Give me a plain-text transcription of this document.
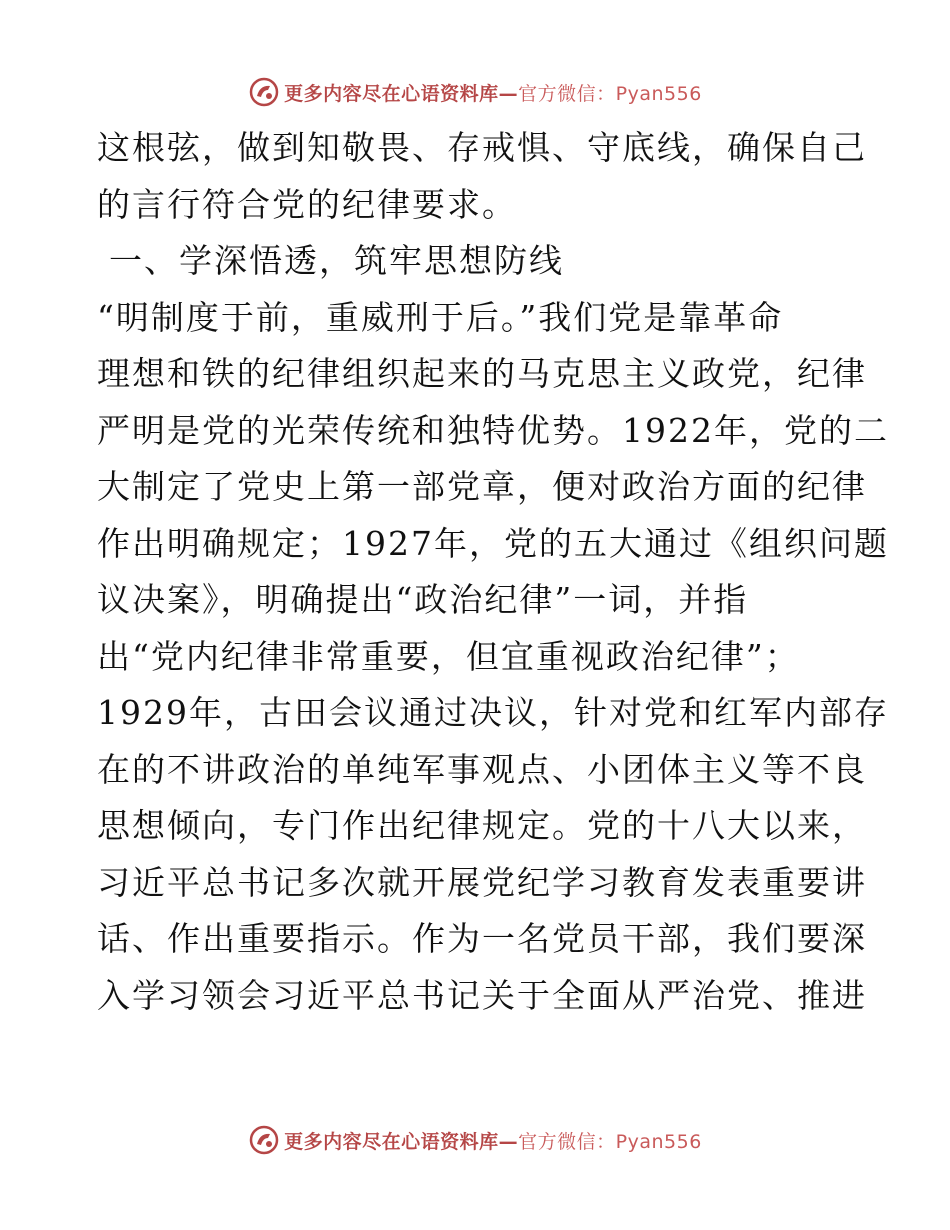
更多内容尽在心语资料库— 官方微信：Pyan556
这根弦，做到知敬畏、存戒惧、守底线，确保自己
的言行符合党的纪律要求。
一、学深悟透，筑牢思想防线
“明制度于前，重威刑于后。”我们党是靠革命
理想和铁的纪律组织起来的马克思主义政党，纪律
严明是党的光荣传统和独特优势。1922年，党的二
大制定了党史上第一部党章，便对政治方面的纪律
作出明确规定；1927年，党的五大通过《组织问题
议决案》，明确提出“政治纪律”一词，并指
出“党内纪律非常重要，但宜重视政治纪律”；
1929年，古田会议通过决议，针对党和红军内部存
在的不讲政治的单纯军事观点、小团体主义等不良
思想倾向，专门作出纪律规定。党的十八大以来，
习近平总书记多次就开展党纪学习教育发表重要讲
话、作出重要指示。作为一名党员干部，我们要深
入学习领会习近平总书记关于全面从严治党、推进
更多内容尽在心语资料库— 官方微信：Pyan556
